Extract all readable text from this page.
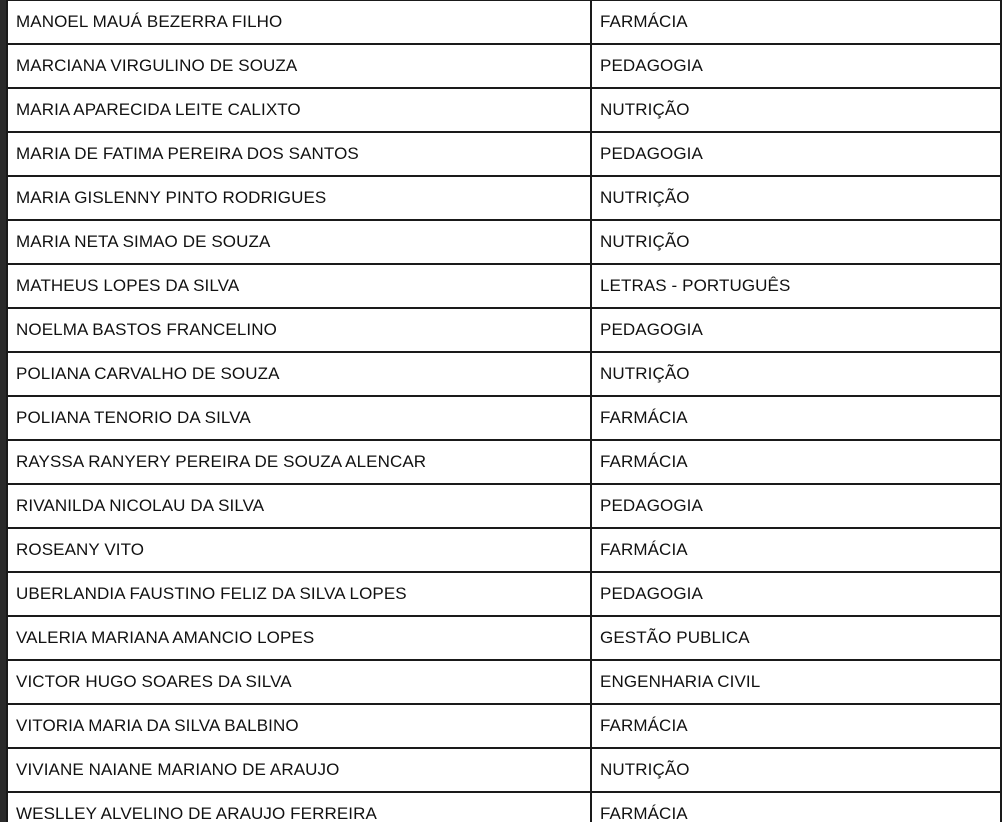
MANOEL MAUÁ BEZERRA FILHO	FARMÁCIA
MARCIANA VIRGULINO DE SOUZA	PEDAGOGIA
MARIA APARECIDA LEITE CALIXTO	NUTRIÇÃO
MARIA DE FATIMA PEREIRA DOS SANTOS	PEDAGOGIA
MARIA GISLENNY PINTO RODRIGUES	NUTRIÇÃO
MARIA NETA SIMAO DE SOUZA	NUTRIÇÃO
MATHEUS LOPES DA SILVA	LETRAS - PORTUGUÊS
NOELMA BASTOS FRANCELINO	PEDAGOGIA
POLIANA CARVALHO DE SOUZA	NUTRIÇÃO
POLIANA TENORIO DA SILVA	FARMÁCIA
RAYSSA RANYERY PEREIRA DE SOUZA ALENCAR	FARMÁCIA
RIVANILDA NICOLAU DA SILVA	PEDAGOGIA
ROSEANY VITO	FARMÁCIA
UBERLANDIA FAUSTINO FELIZ DA SILVA LOPES	PEDAGOGIA
VALERIA MARIANA AMANCIO LOPES	GESTÃO PUBLICA
VICTOR HUGO SOARES DA SILVA	ENGENHARIA CIVIL
VITORIA MARIA DA SILVA BALBINO	FARMÁCIA
VIVIANE NAIANE MARIANO DE ARAUJO	NUTRIÇÃO
WESLLEY ALVELINO DE ARAUJO FERREIRA	FARMÁCIA
